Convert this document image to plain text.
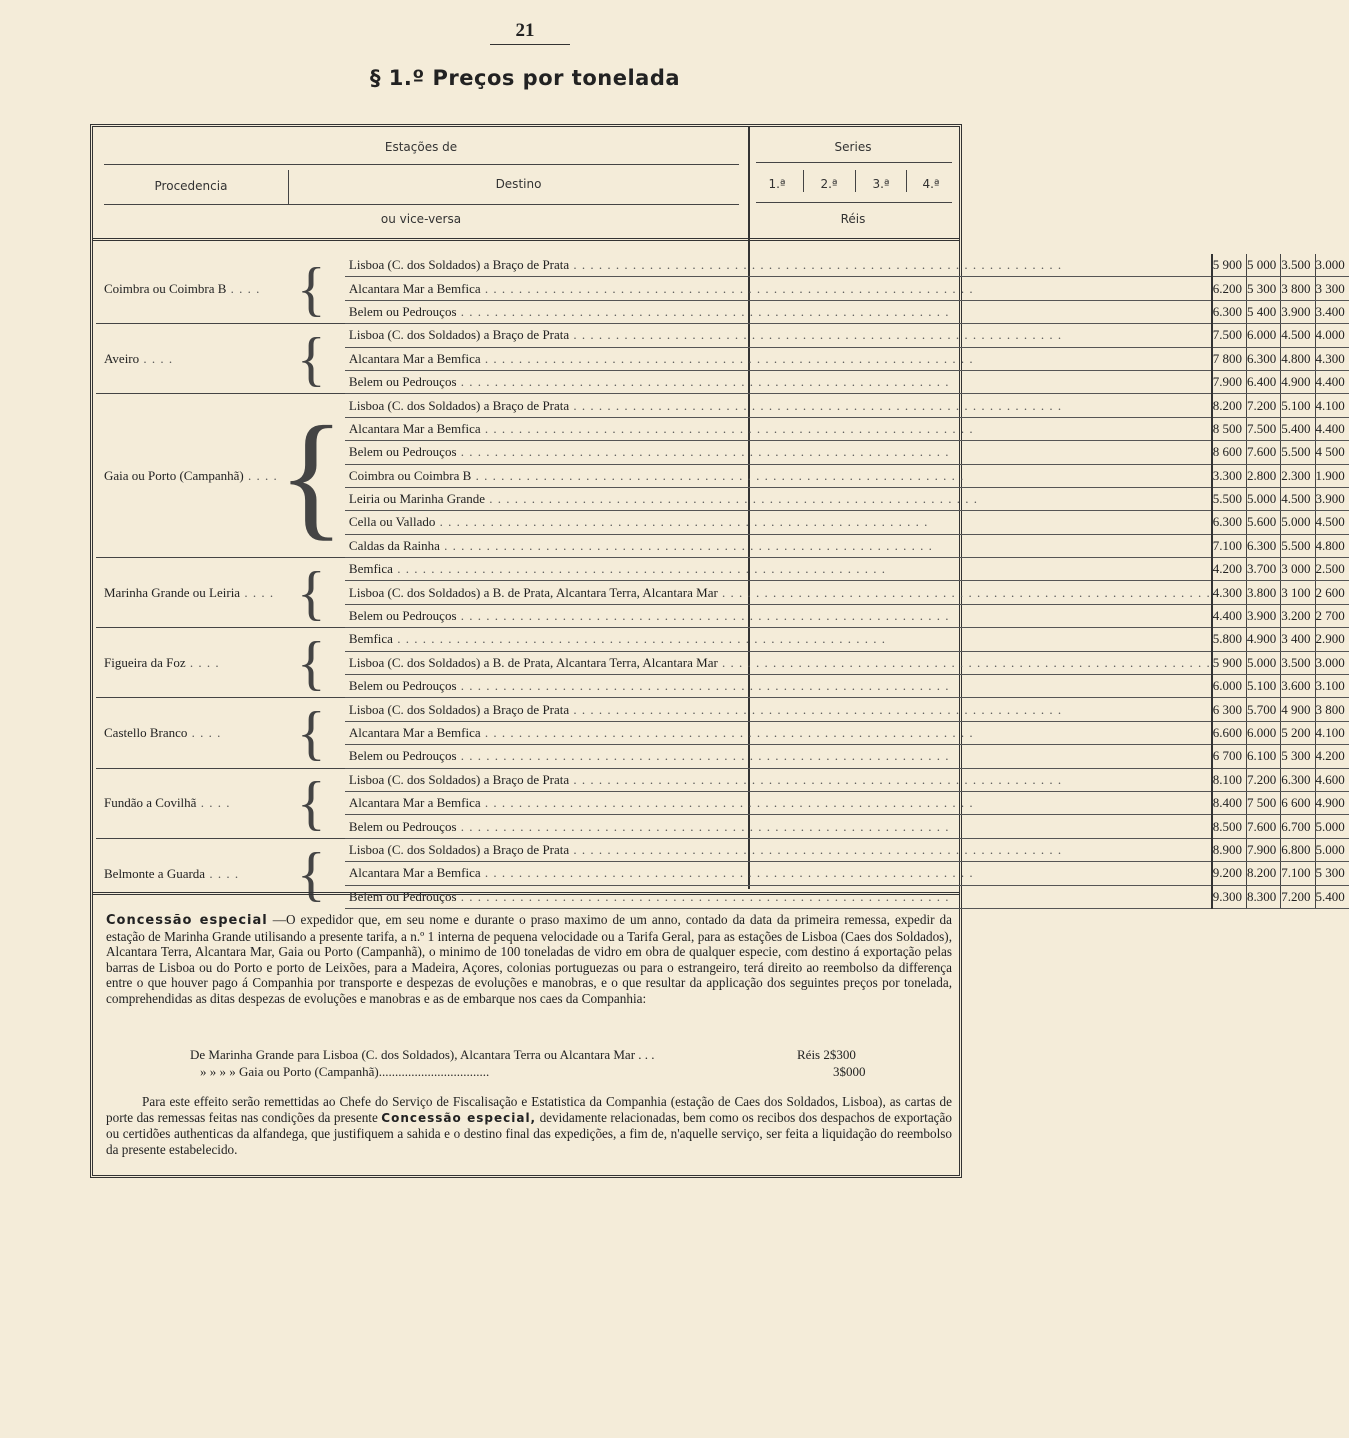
21
§ 1.º Preços por tonelada
Estações de	Series
Procedencia	Destino	1.ª	2.ª	3.ª	4.ª
ou vice-versa	Réis
Coimbra ou Coimbra B . . . .	{	Lisboa (C. dos Soldados) a Braço de Prata . . . . . . . . . . . . . . . . . . . . . . . . . . . . . . . . . . . . . . . . . . . . . . . . . . . . . . . . . .	5 900	5 000	3.500	3.000
		Alcantara Mar a Bemfica . . . . . . . . . . . . . . . . . . . . . . . . . . . . . . . . . . . . . . . . . . . . . . . . . . . . . . . . . .	6.200	5 300	3 800	3 300
		Belem ou Pedrouços . . . . . . . . . . . . . . . . . . . . . . . . . . . . . . . . . . . . . . . . . . . . . . . . . . . . . . . . . .	6.300	5 400	3.900	3.400
Aveiro . . . .	{	Lisboa (C. dos Soldados) a Braço de Prata . . . . . . . . . . . . . . . . . . . . . . . . . . . . . . . . . . . . . . . . . . . . . . . . . . . . . . . . . .	7.500	6.000	4.500	4.000
		Alcantara Mar a Bemfica . . . . . . . . . . . . . . . . . . . . . . . . . . . . . . . . . . . . . . . . . . . . . . . . . . . . . . . . . .	7 800	6.300	4.800	4.300
		Belem ou Pedrouços . . . . . . . . . . . . . . . . . . . . . . . . . . . . . . . . . . . . . . . . . . . . . . . . . . . . . . . . . .	7.900	6.400	4.900	4.400
Gaia ou Porto (Campanhã) . . . .	{	Lisboa (C. dos Soldados) a Braço de Prata . . . . . . . . . . . . . . . . . . . . . . . . . . . . . . . . . . . . . . . . . . . . . . . . . . . . . . . . . .	8.200	7.200	5.100	4.100
		Alcantara Mar a Bemfica . . . . . . . . . . . . . . . . . . . . . . . . . . . . . . . . . . . . . . . . . . . . . . . . . . . . . . . . . .	8 500	7.500	5.400	4.400
		Belem ou Pedrouços . . . . . . . . . . . . . . . . . . . . . . . . . . . . . . . . . . . . . . . . . . . . . . . . . . . . . . . . . .	8 600	7.600	5.500	4 500
		Coimbra ou Coimbra B . . . . . . . . . . . . . . . . . . . . . . . . . . . . . . . . . . . . . . . . . . . . . . . . . . . . . . . . . .	3.300	2.800	2.300	1.900
		Leiria ou Marinha Grande . . . . . . . . . . . . . . . . . . . . . . . . . . . . . . . . . . . . . . . . . . . . . . . . . . . . . . . . . .	5.500	5.000	4.500	3.900
		Cella ou Vallado . . . . . . . . . . . . . . . . . . . . . . . . . . . . . . . . . . . . . . . . . . . . . . . . . . . . . . . . . .	6.300	5.600	5.000	4.500
		Caldas da Rainha . . . . . . . . . . . . . . . . . . . . . . . . . . . . . . . . . . . . . . . . . . . . . . . . . . . . . . . . . .	7.100	6.300	5.500	4.800
Marinha Grande ou Leiria . . . .	{	Bemfica . . . . . . . . . . . . . . . . . . . . . . . . . . . . . . . . . . . . . . . . . . . . . . . . . . . . . . . . . .	4.200	3.700	3 000	2.500
		Lisboa (C. dos Soldados) a B. de Prata, Alcantara Terra, Alcantara Mar . . . . . . . . . . . . . . . . . . . . . . . . . . . . . . . . . . . . . . . . . . . . . . . . . . . . . . . . . .	4.300	3.800	3 100	2 600
		Belem ou Pedrouços . . . . . . . . . . . . . . . . . . . . . . . . . . . . . . . . . . . . . . . . . . . . . . . . . . . . . . . . . .	4.400	3.900	3.200	2 700
Figueira da Foz . . . .	{	Bemfica . . . . . . . . . . . . . . . . . . . . . . . . . . . . . . . . . . . . . . . . . . . . . . . . . . . . . . . . . .	5.800	4.900	3 400	2.900
		Lisboa (C. dos Soldados) a B. de Prata, Alcantara Terra, Alcantara Mar . . . . . . . . . . . . . . . . . . . . . . . . . . . . . . . . . . . . . . . . . . . . . . . . . . . . . . . . . .	5 900	5.000	3.500	3.000
		Belem ou Pedrouços . . . . . . . . . . . . . . . . . . . . . . . . . . . . . . . . . . . . . . . . . . . . . . . . . . . . . . . . . .	6.000	5.100	3.600	3.100
Castello Branco . . . .	{	Lisboa (C. dos Soldados) a Braço de Prata . . . . . . . . . . . . . . . . . . . . . . . . . . . . . . . . . . . . . . . . . . . . . . . . . . . . . . . . . .	6 300	5.700	4 900	3 800
		Alcantara Mar a Bemfica . . . . . . . . . . . . . . . . . . . . . . . . . . . . . . . . . . . . . . . . . . . . . . . . . . . . . . . . . .	6.600	6.000	5 200	4.100
		Belem ou Pedrouços . . . . . . . . . . . . . . . . . . . . . . . . . . . . . . . . . . . . . . . . . . . . . . . . . . . . . . . . . .	6 700	6.100	5 300	4.200
Fundão a Covilhã . . . .	{	Lisboa (C. dos Soldados) a Braço de Prata . . . . . . . . . . . . . . . . . . . . . . . . . . . . . . . . . . . . . . . . . . . . . . . . . . . . . . . . . .	8.100	7.200	6.300	4.600
		Alcantara Mar a Bemfica . . . . . . . . . . . . . . . . . . . . . . . . . . . . . . . . . . . . . . . . . . . . . . . . . . . . . . . . . .	8.400	7 500	6 600	4.900
		Belem ou Pedrouços . . . . . . . . . . . . . . . . . . . . . . . . . . . . . . . . . . . . . . . . . . . . . . . . . . . . . . . . . .	8.500	7.600	6.700	5.000
Belmonte a Guarda . . . .	{	Lisboa (C. dos Soldados) a Braço de Prata . . . . . . . . . . . . . . . . . . . . . . . . . . . . . . . . . . . . . . . . . . . . . . . . . . . . . . . . . .	8.900	7.900	6.800	5.000
		Alcantara Mar a Bemfica . . . . . . . . . . . . . . . . . . . . . . . . . . . . . . . . . . . . . . . . . . . . . . . . . . . . . . . . . .	9.200	8.200	7.100	5 300
		Belem ou Pedrouços . . . . . . . . . . . . . . . . . . . . . . . . . . . . . . . . . . . . . . . . . . . . . . . . . . . . . . . . . .	9.300	8.300	7.200	5.400
Concessão especial —O expedidor que, em seu nome e durante o praso maximo de um anno, contado da data da primeira remessa, expedir da estação de Marinha Grande utilisando a presente tarifa, a n.º 1 interna de pequena velocidade ou a Tarifa Geral, para as estações de Lisboa (Caes dos Soldados), Alcantara Terra, Alcantara Mar, Gaia ou Porto (Campanhã), o minimo de 100 toneladas de vidro em obra de qualquer especie, com destino á exportação pelas barras de Lisboa ou do Porto e porto de Leixões, para a Madeira, Açores, colonias portuguezas ou para o estrangeiro, terá direito ao reembolso da differença entre o que houver pago á Companhia por transporte e despezas de evoluções e manobras, e o que resultar da applicação dos seguintes preços por tonelada, comprehendidas as ditas despezas de evoluções e manobras e as de embarque nos caes da Companhia:
De Marinha Grande para Lisboa (C. dos Soldados), Alcantara Terra ou Alcantara Mar . . .	Réis 2$300
» » » » Gaia ou Porto (Campanhã)..................................	3$000
Para este effeito serão remettidas ao Chefe do Serviço de Fiscalisação e Estatistica da Companhia (estação de Caes dos Soldados, Lisboa), as cartas de porte das remessas feitas nas condições da presente Concessão especial, devidamente relacionadas, bem como os recibos dos despachos de exportação ou certidões authenticas da alfandega, que justifiquem a sahida e o destino final das expedições, a fim de, n'aquelle serviço, ser feita a liquidação do reembolso da presente estabelecido.
